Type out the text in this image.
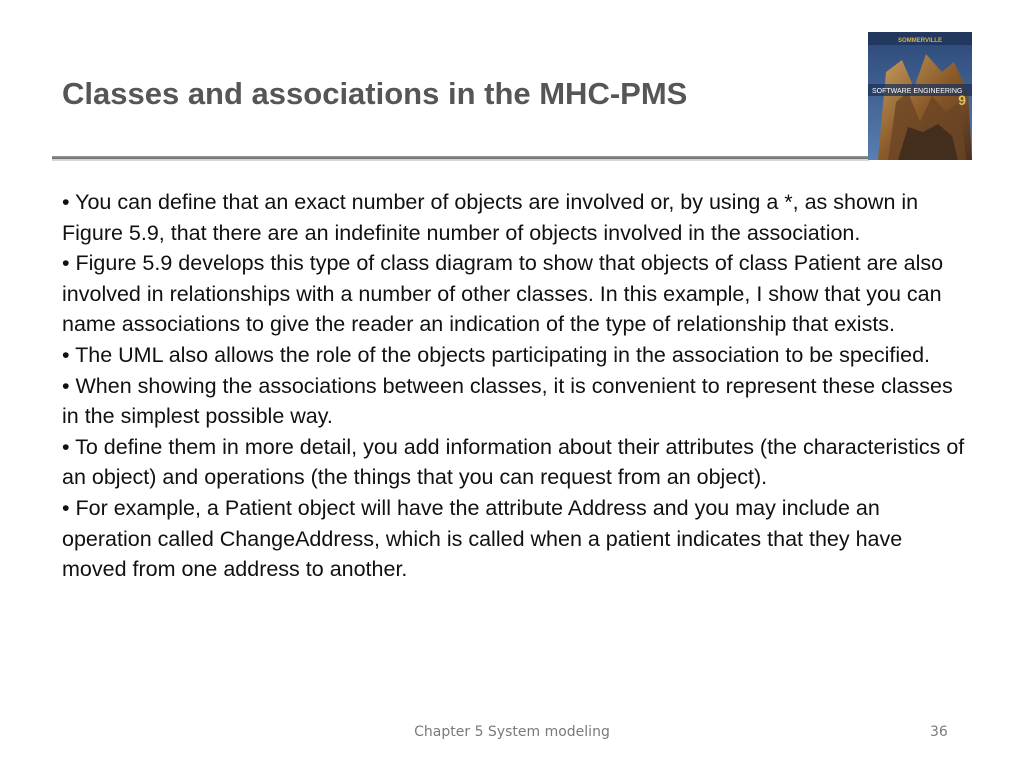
Classes and associations in the MHC-PMS
SOMMERVILLE
SOFTWARE ENGINEERING
9

• You can define that an exact number of objects are involved or, by using a *, as shown in Figure 5.9, that there are an indefinite number of objects involved in the association.

• Figure 5.9 develops this type of class diagram to show that objects of class Patient are also involved in relationships with a number of other classes. In this example, I show that you can name associations to give the reader an indication of the type of relationship that exists.

• The UML also allows the role of the objects participating in the association to be specified.

• When showing the associations between classes, it is convenient to represent these classes in the simplest possible way.

• To define them in more detail, you add information about their attributes (the characteristics of an object) and operations (the things that you can request from an object).

• For example, a Patient object will have the attribute Address and you may include an operation called ChangeAddress, which is called when a patient indicates that they have moved from one address to another.

Chapter 5 System modeling	36
